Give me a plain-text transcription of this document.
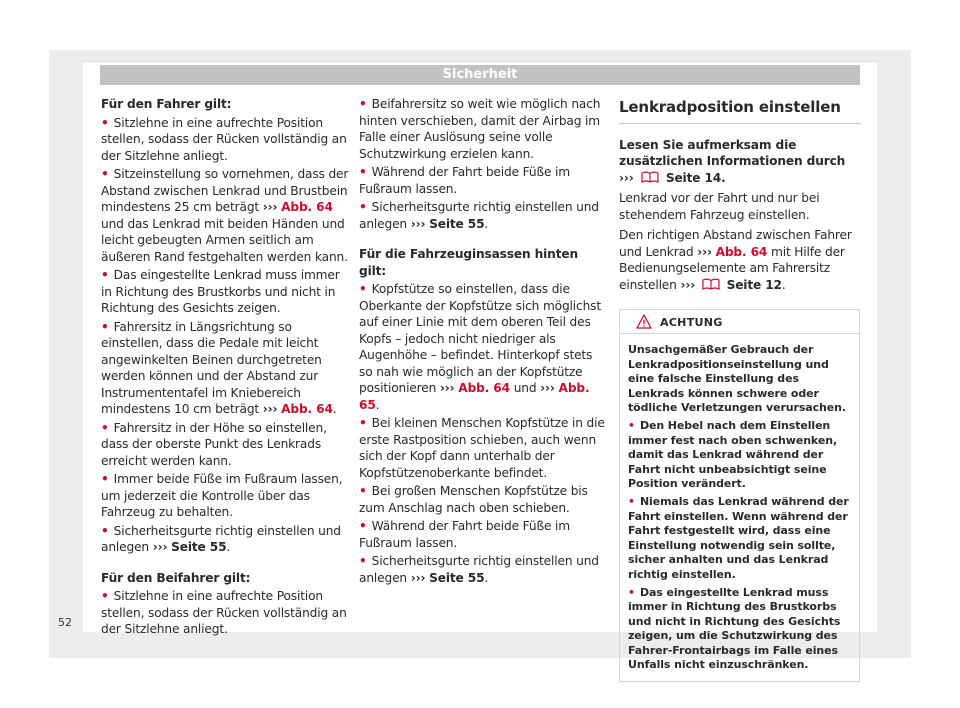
Sicherheit
Für den Fahrer gilt:
• Sitzlehne in eine aufrechte Position stellen, sodass der Rücken vollständig an der Sitzlehne anliegt.
• Sitzeinstellung so vornehmen, dass der Abstand zwischen Lenkrad und Brustbein mindestens 25 cm beträgt ››› Abb. 64 und das Lenkrad mit beiden Händen und leicht gebeugten Armen seitlich am äußeren Rand festgehalten werden kann.
• Das eingestellte Lenkrad muss immer in Richtung des Brustkorbs und nicht in Richtung des Gesichts zeigen.
• Fahrersitz in Längsrichtung so einstellen, dass die Pedale mit leicht angewinkelten Beinen durchgetreten werden können und der Abstand zur Instrumententafel im Kniebereich mindestens 10 cm beträgt ››› Abb. 64.
• Fahrersitz in der Höhe so einstellen, dass der oberste Punkt des Lenkrads erreicht werden kann.
• Immer beide Füße im Fußraum lassen, um jederzeit die Kontrolle über das Fahrzeug zu behalten.
• Sicherheitsgurte richtig einstellen und anlegen ››› Seite 55.
Für den Beifahrer gilt:
• Sitzlehne in eine aufrechte Position stellen, sodass der Rücken vollständig an der Sitzlehne anliegt.
• Beifahrersitz so weit wie möglich nach hinten verschieben, damit der Airbag im Falle einer Auslösung seine volle Schutzwirkung erzielen kann.
• Während der Fahrt beide Füße im Fußraum lassen.
• Sicherheitsgurte richtig einstellen und anlegen ››› Seite 55.
Für die Fahrzeuginsassen hinten gilt:
• Kopfstütze so einstellen, dass die Oberkante der Kopfstütze sich möglichst auf einer Linie mit dem oberen Teil des Kopfs – jedoch nicht niedriger als Augenhöhe – befindet. Hinterkopf stets so nah wie möglich an der Kopfstütze positionieren ››› Abb. 64 und ››› Abb. 65.
• Bei kleinen Menschen Kopfstütze in die erste Rastposition schieben, auch wenn sich der Kopf dann unterhalb der Kopfstützenoberkante befindet.
• Bei großen Menschen Kopfstütze bis zum Anschlag nach oben schieben.
• Während der Fahrt beide Füße im Fußraum lassen.
• Sicherheitsgurte richtig einstellen und anlegen ››› Seite 55.
Lenkradposition einstellen
Lesen Sie aufmerksam die zusätzlichen Informationen durch ›››	Seite 14.
Lenkrad vor der Fahrt und nur bei stehendem Fahrzeug einstellen.
Den richtigen Abstand zwischen Fahrer und Lenkrad ››› Abb. 64 mit Hilfe der Bedienungselemente am Fahrersitz einstellen ›››	Seite 12.
ACHTUNG
Unsachgemäßer Gebrauch der Lenkradpositionseinstellung und eine falsche Einstellung des Lenkrads können schwere oder tödliche Verletzungen verursachen.
• Den Hebel nach dem Einstellen immer fest nach oben schwenken, damit das Lenkrad während der Fahrt nicht unbeabsichtigt seine Position verändert.
• Niemals das Lenkrad während der Fahrt einstellen. Wenn während der Fahrt festgestellt wird, dass eine Einstellung notwendig sein sollte, sicher anhalten und das Lenkrad richtig einstellen.
• Das eingestellte Lenkrad muss immer in Richtung des Brustkorbs und nicht in Richtung des Gesichts zeigen, um die Schutzwirkung des Fahrer-Frontairbags im Falle eines Unfalls nicht einzuschränken.
52
